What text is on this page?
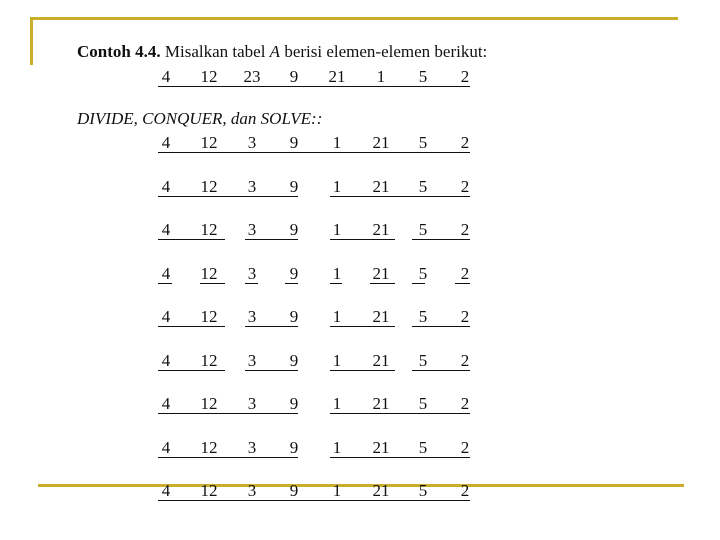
Contoh 4.4. Misalkan tabel A berisi elemen-elemen berikut:
4	12	23	9	21	1	5	2
DIVIDE, CONQUER, dan SOLVE::
4	12	3	9	1	21	5	2
4	12	3	9	1	21	5	2
4	12	3	9	1	21	5	2
4	12	3	9	1	21	5	2
4	12	3	9	1	21	5	2
4	12	3	9	1	21	5	2
4	12	3	9	1	21	5	2
4	12	3	9	1	21	5	2
4	12	3	9	1	21	5	2
